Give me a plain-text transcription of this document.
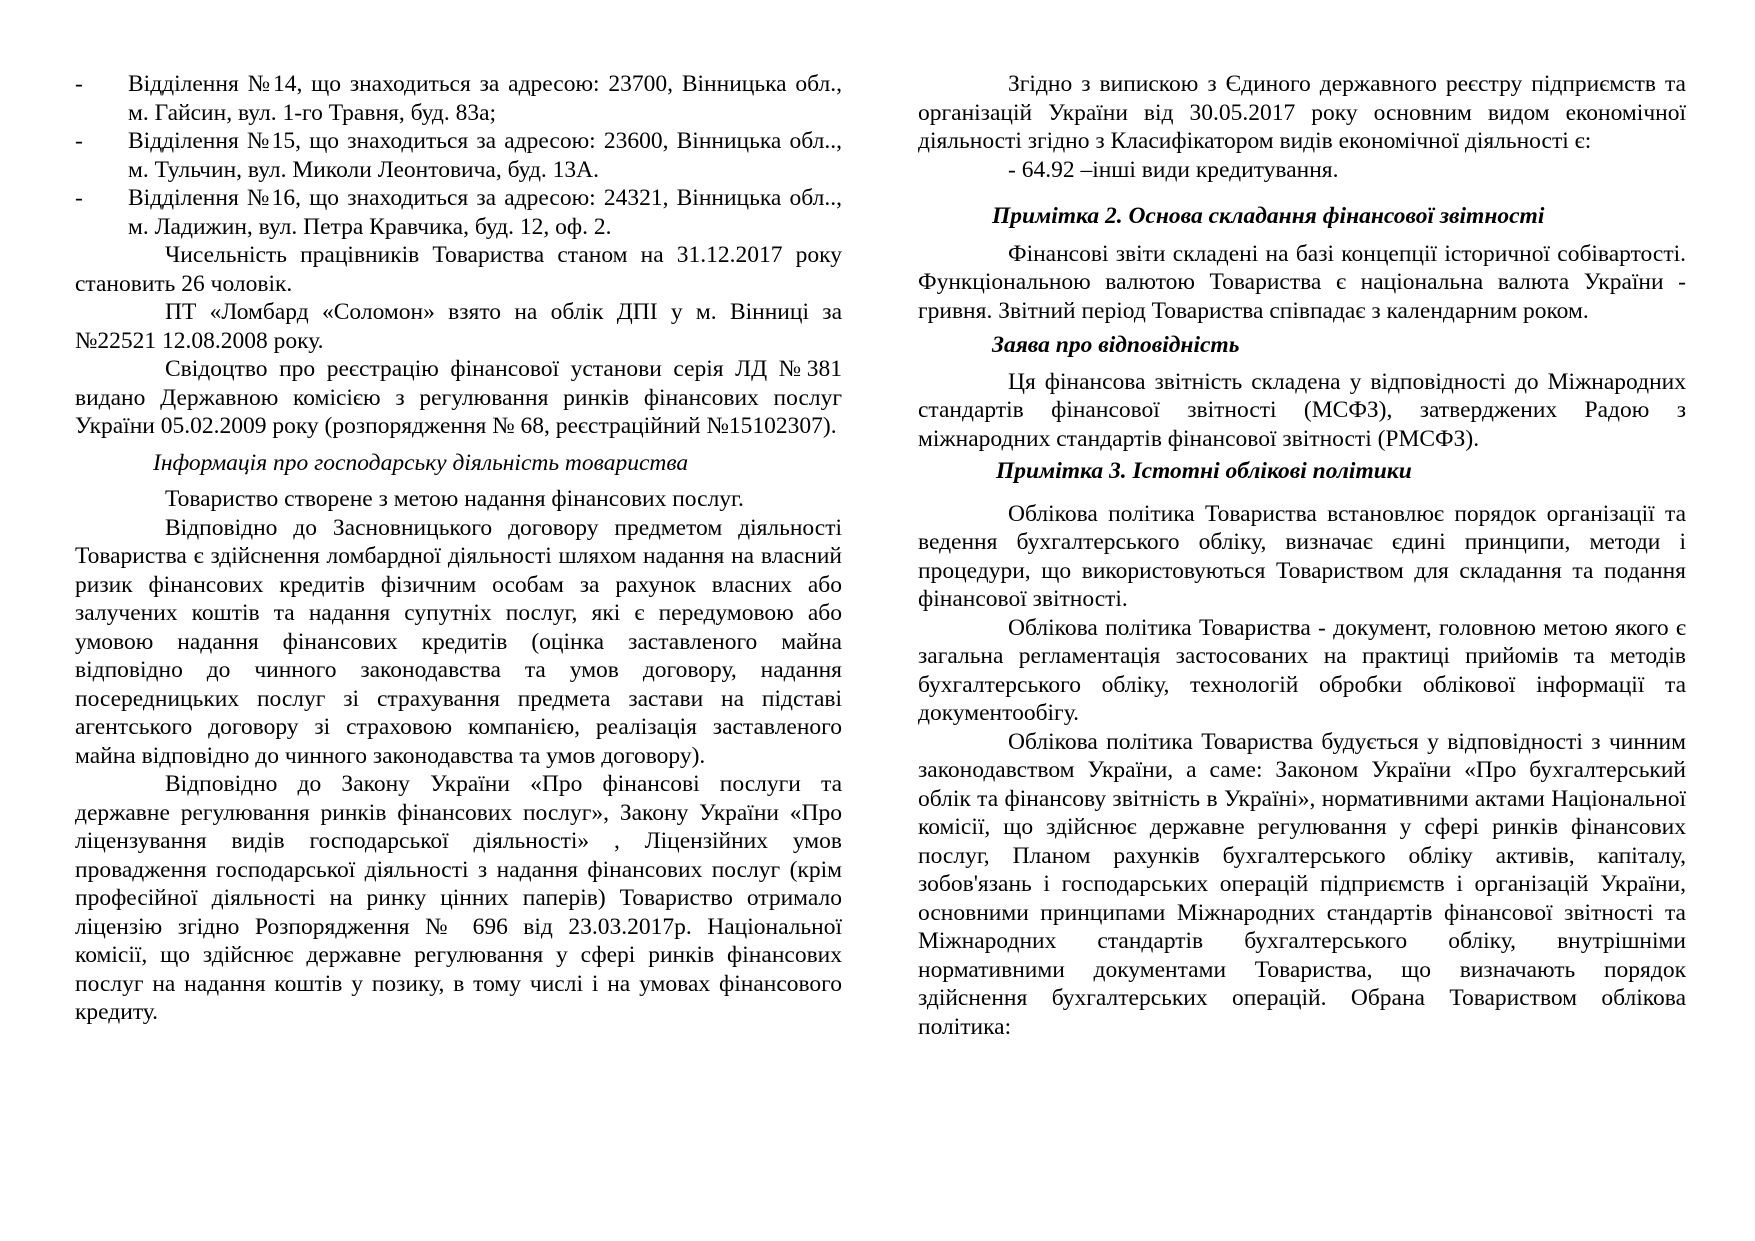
- Відділення №14, що знаходиться за адресою: 23700, Вінницька обл., м. Гайсин, вул. 1-го Травня, буд. 83а;
- Відділення №15, що знаходиться за адресою: 23600, Вінницька обл.., м. Тульчин, вул. Миколи Леонтовича, буд. 13А.
- Відділення №16, що знаходиться за адресою: 24321, Вінницька обл.., м. Ладижин, вул. Петра Кравчика, буд. 12, оф. 2.

Чисельність працівників Товариства станом на 31.12.2017 року становить 26 чоловік.

ПТ «Ломбард «Соломон» взято на облік ДПІ у м. Вінниці за №22521 12.08.2008 року.

Свідоцтво про реєстрацію фінансової установи серія ЛД №381 видано Державною комісією з регулювання ринків фінансових послуг України 05.02.2009 року (розпорядження № 68, реєстраційний №15102307).

Інформація про господарську діяльність товариства

Товариство створене з метою надання фінансових послуг.

Відповідно до Засновницького договору предметом діяльності Товариства є здійснення ломбардної діяльності шляхом надання на власний ризик фінансових кредитів фізичним особам за рахунок власних або залучених коштів та надання супутніх послуг, які є передумовою або умовою надання фінансових кредитів (оцінка заставленого майна відповідно до чинного законодавства та умов договору, надання посередницьких послуг зі страхування предмета застави на підставі агентського договору зі страховою компанією, реалізація заставленого майна відповідно до чинного законодавства та умов договору).

Відповідно до Закону України «Про фінансові послуги та державне регулювання ринків фінансових послуг», Закону України «Про ліцензування видів господарської діяльності» , Ліцензійних умов провадження господарської діяльності з надання фінансових послуг (крім професійної діяльності на ринку цінних паперів) Товариство отримало ліцензію згідно Розпорядження № 696 від 23.03.2017р. Національної комісії, що здійснює державне регулювання у сфері ринків фінансових послуг на надання коштів у позику, в тому числі і на умовах фінансового кредиту.

Згідно з випискою з Єдиного державного реєстру підприємств та організацій України від 30.05.2017 року основним видом економічної діяльності згідно з Класифікатором видів економічної діяльності є:

- 64.92 –інші види кредитування.

Примітка 2. Основа складання фінансової звітності

Фінансові звіти складені на базі концепції історичної собівартості. Функціональною валютою Товариства є національна валюта України - гривня. Звітний період Товариства співпадає з календарним роком.

Заява про відповідність

Ця фінансова звітність складена у відповідності до Міжнародних стандартів фінансової звітності (МСФЗ), затверджених Радою з міжнародних стандартів фінансової звітності (РМСФЗ).

Примітка 3. Істотні облікові політики

Облікова політика Товариства встановлює порядок організації та ведення бухгалтерського обліку, визначає єдині принципи, методи і процедури, що використовуються Товариством для складання та подання фінансової звітності.

Облікова політика Товариства - документ, головною метою якого є загальна регламентація застосованих на практиці прийомів та методів бухгалтерського обліку, технологій обробки облікової інформації та документообігу.

Облікова політика Товариства будується у відповідності з чинним законодавством України, а саме: Законом України «Про бухгалтерський облік та фінансову звітність в Україні», нормативними актами Національної комісії, що здійснює державне регулювання у сфері ринків фінансових послуг, Планом рахунків бухгалтерського обліку активів, капіталу, зобов'язань і господарських операцій підприємств і організацій України, основними принципами Міжнародних стандартів фінансової звітності та Міжнародних стандартів бухгалтерського обліку, внутрішніми нормативними документами Товариства, що визначають порядок здійснення бухгалтерських операцій. Обрана Товариством облікова політика:
